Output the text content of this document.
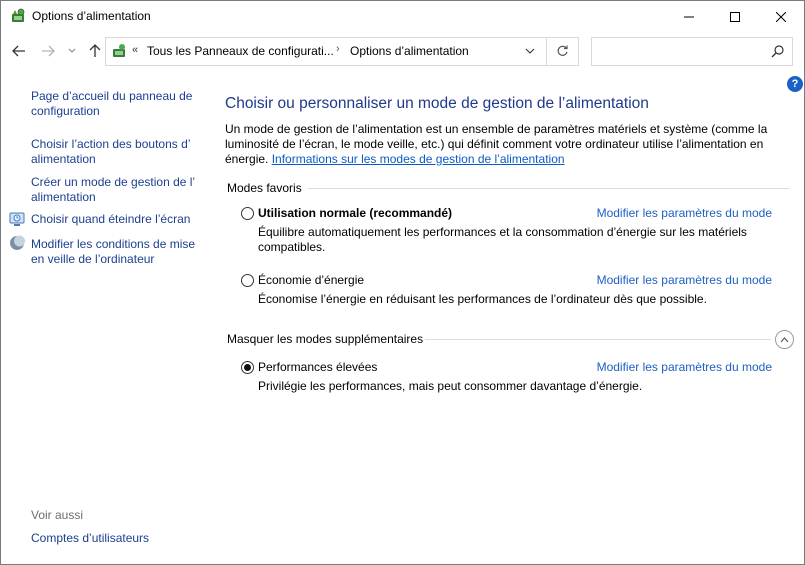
Options d’alimentation
« Tous les Panneaux de configurati... › Options d’alimentation
?
Page d’accueil du panneau de configuration
Choisir l’action des boutons d’ alimentation
Créer un mode de gestion de l’ alimentation
Choisir quand éteindre l’écran
Modifier les conditions de mise en veille de l’ordinateur
Voir aussi
Comptes d’utilisateurs
Choisir ou personnaliser un mode de gestion de l’alimentation
Un mode de gestion de l’alimentation est un ensemble de paramètres matériels et système (comme la luminosité de l’écran, le mode veille, etc.) qui définit comment votre ordinateur utilise l’alimentation en énergie. Informations sur les modes de gestion de l’alimentation
Modes favoris
Utilisation normale (recommandé)	Modifier les paramètres du mode
Équilibre automatiquement les performances et la consommation d’énergie sur les matériels compatibles.
Économie d’énergie	Modifier les paramètres du mode
Économise l’énergie en réduisant les performances de l’ordinateur dès que possible.
Masquer les modes supplémentaires
Performances élevées	Modifier les paramètres du mode
Privilégie les performances, mais peut consommer davantage d’énergie.
